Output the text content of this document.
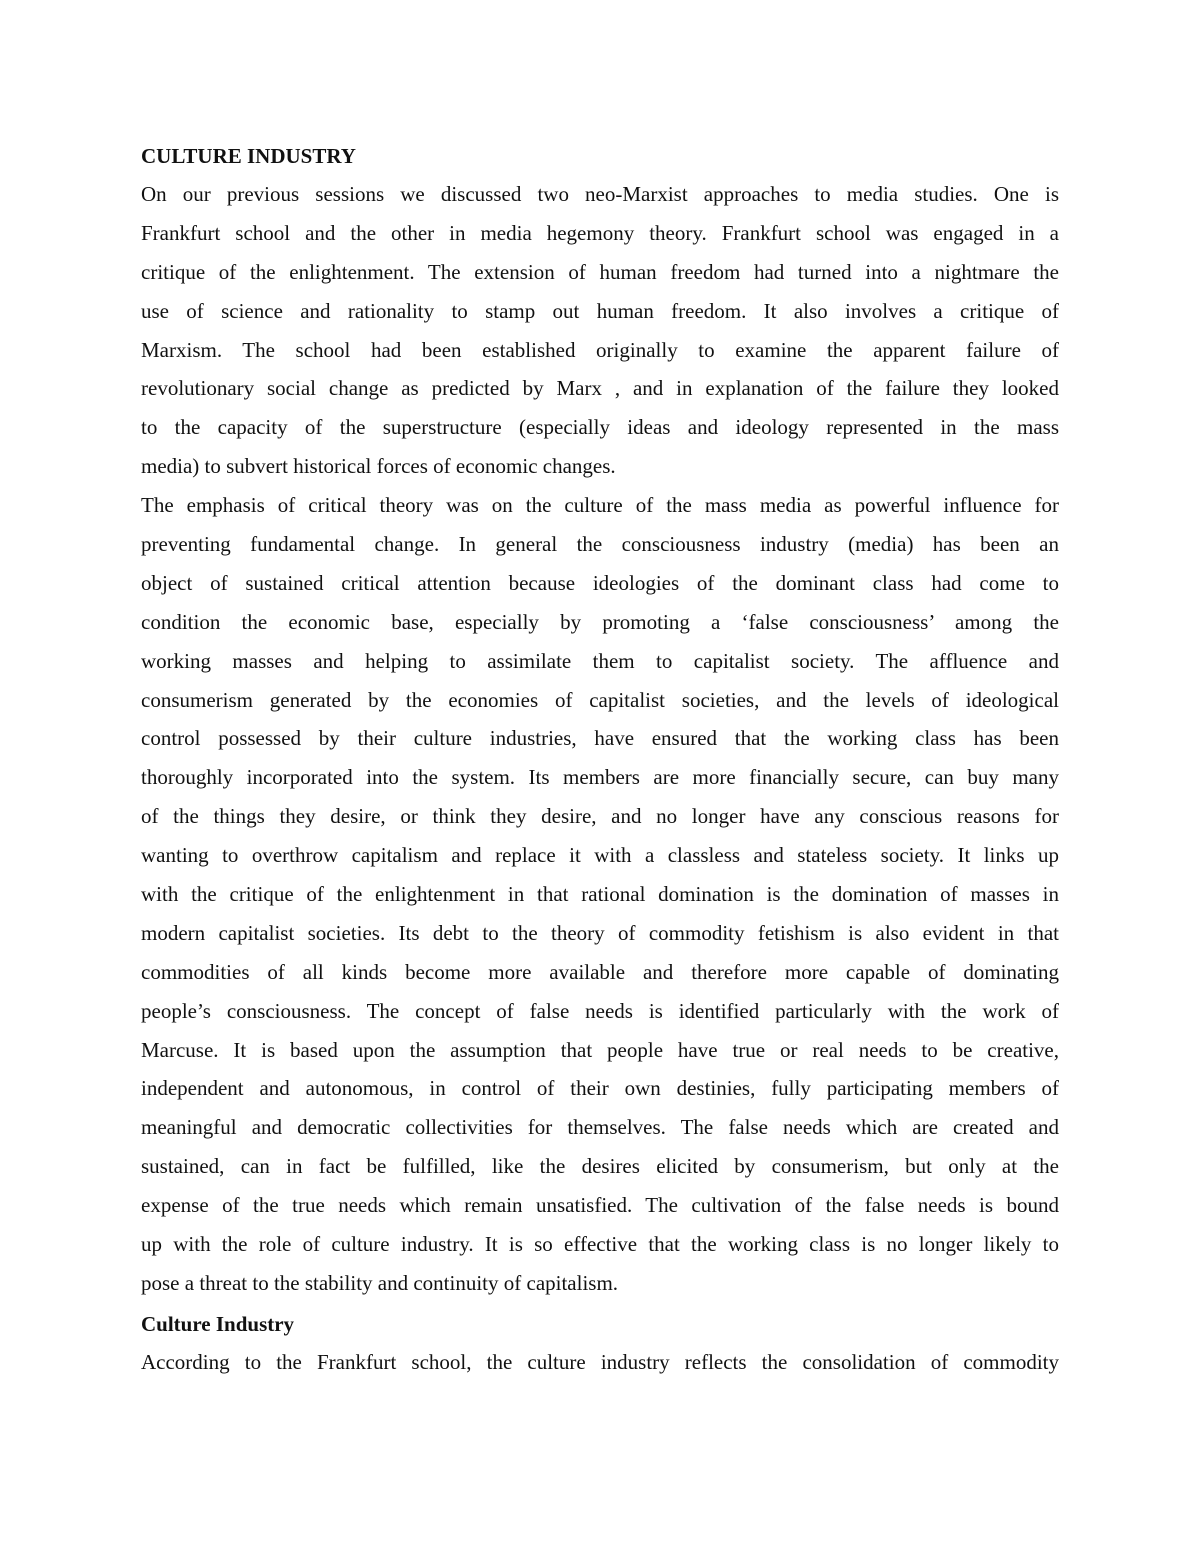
CULTURE INDUSTRY
On our previous sessions we discussed two neo-Marxist approaches to media studies. One is
Frankfurt school and the other in media hegemony theory. Frankfurt school was engaged in a
critique of the enlightenment. The extension of human freedom had turned into a nightmare the
use of science and rationality to stamp out human freedom. It also involves a critique of
Marxism. The school had been established originally to examine the apparent failure of
revolutionary social change as predicted by Marx , and in explanation of the failure they looked
to the capacity of the superstructure (especially ideas and ideology represented in the mass
media) to subvert historical forces of economic changes.
The emphasis of critical theory was on the culture of the mass media as powerful influence for
preventing fundamental change. In general the consciousness industry (media) has been an
object of sustained critical attention because ideologies of the dominant class had come to
condition the economic base, especially by promoting a ‘false consciousness’ among the
working masses and helping to assimilate them to capitalist society. The affluence and
consumerism generated by the economies of capitalist societies, and the levels of ideological
control possessed by their culture industries, have ensured that the working class has been
thoroughly incorporated into the system. Its members are more financially secure, can buy many
of the things they desire, or think they desire, and no longer have any conscious reasons for
wanting to overthrow capitalism and replace it with a classless and stateless society. It links up
with the critique of the enlightenment in that rational domination is the domination of masses in
modern capitalist societies. Its debt to the theory of commodity fetishism is also evident in that
commodities of all kinds become more available and therefore more capable of dominating
people’s consciousness. The concept of false needs is identified particularly with the work of
Marcuse. It is based upon the assumption that people have true or real needs to be creative,
independent and autonomous, in control of their own destinies, fully participating members of
meaningful and democratic collectivities for themselves. The false needs which are created and
sustained, can in fact be fulfilled, like the desires elicited by consumerism, but only at the
expense of the true needs which remain unsatisfied. The cultivation of the false needs is bound
up with the role of culture industry. It is so effective that the working class is no longer likely to
pose a threat to the stability and continuity of capitalism.
Culture Industry
According to the Frankfurt school, the culture industry reflects the consolidation of commodity
